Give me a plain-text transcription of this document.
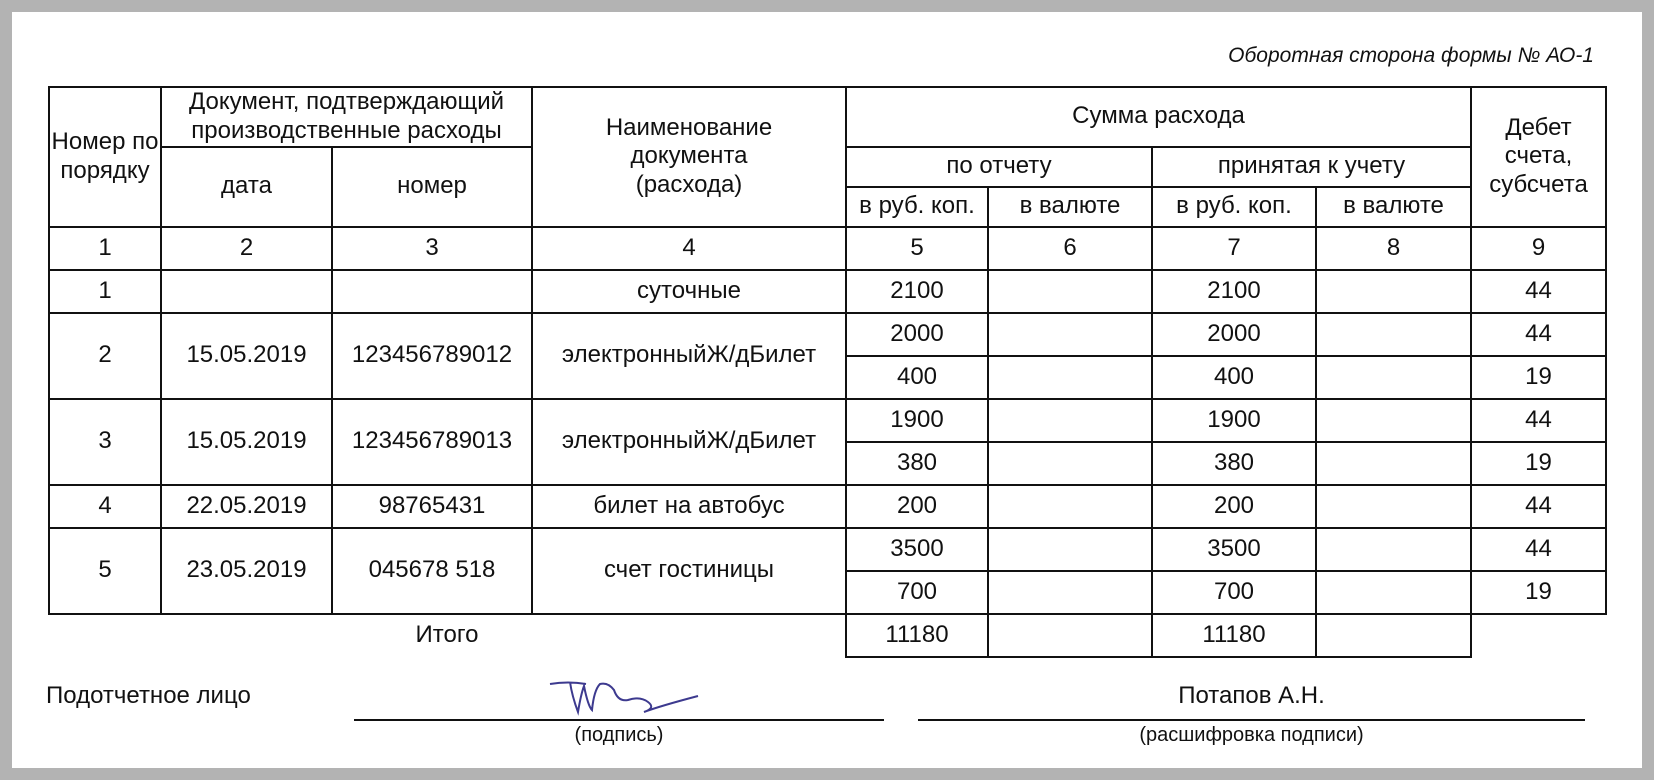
Оборотная сторона формы № АО-1
Номер по порядку	Документ, подтверждающий производственные расходы		Наименование документа (расхода)	Сумма расхода				Дебет счета, субсчета
	дата	номер		по отчету		принятая к учету		
				в руб. коп.	в валюте	в руб. коп.	в валюте	
1	2	3	4	5	6	7	8	9
1			суточные	2100		2100		44
2	15.05.2019	123456789012	электронныйЖ/дБилет	2000		2000		44
				400		400		19
3	15.05.2019	123456789013	электронныйЖ/дБилет	1900		1900		44
				380		380		19
4	22.05.2019	98765431	билет на автобус	200		200		44
5	23.05.2019	045678 518	счет гостиницы	3500		3500		44
				700		700		19
Итого				11180		11180		
Подотчетное лицо
(подпись)
Потапов А.Н.
(расшифровка подписи)
